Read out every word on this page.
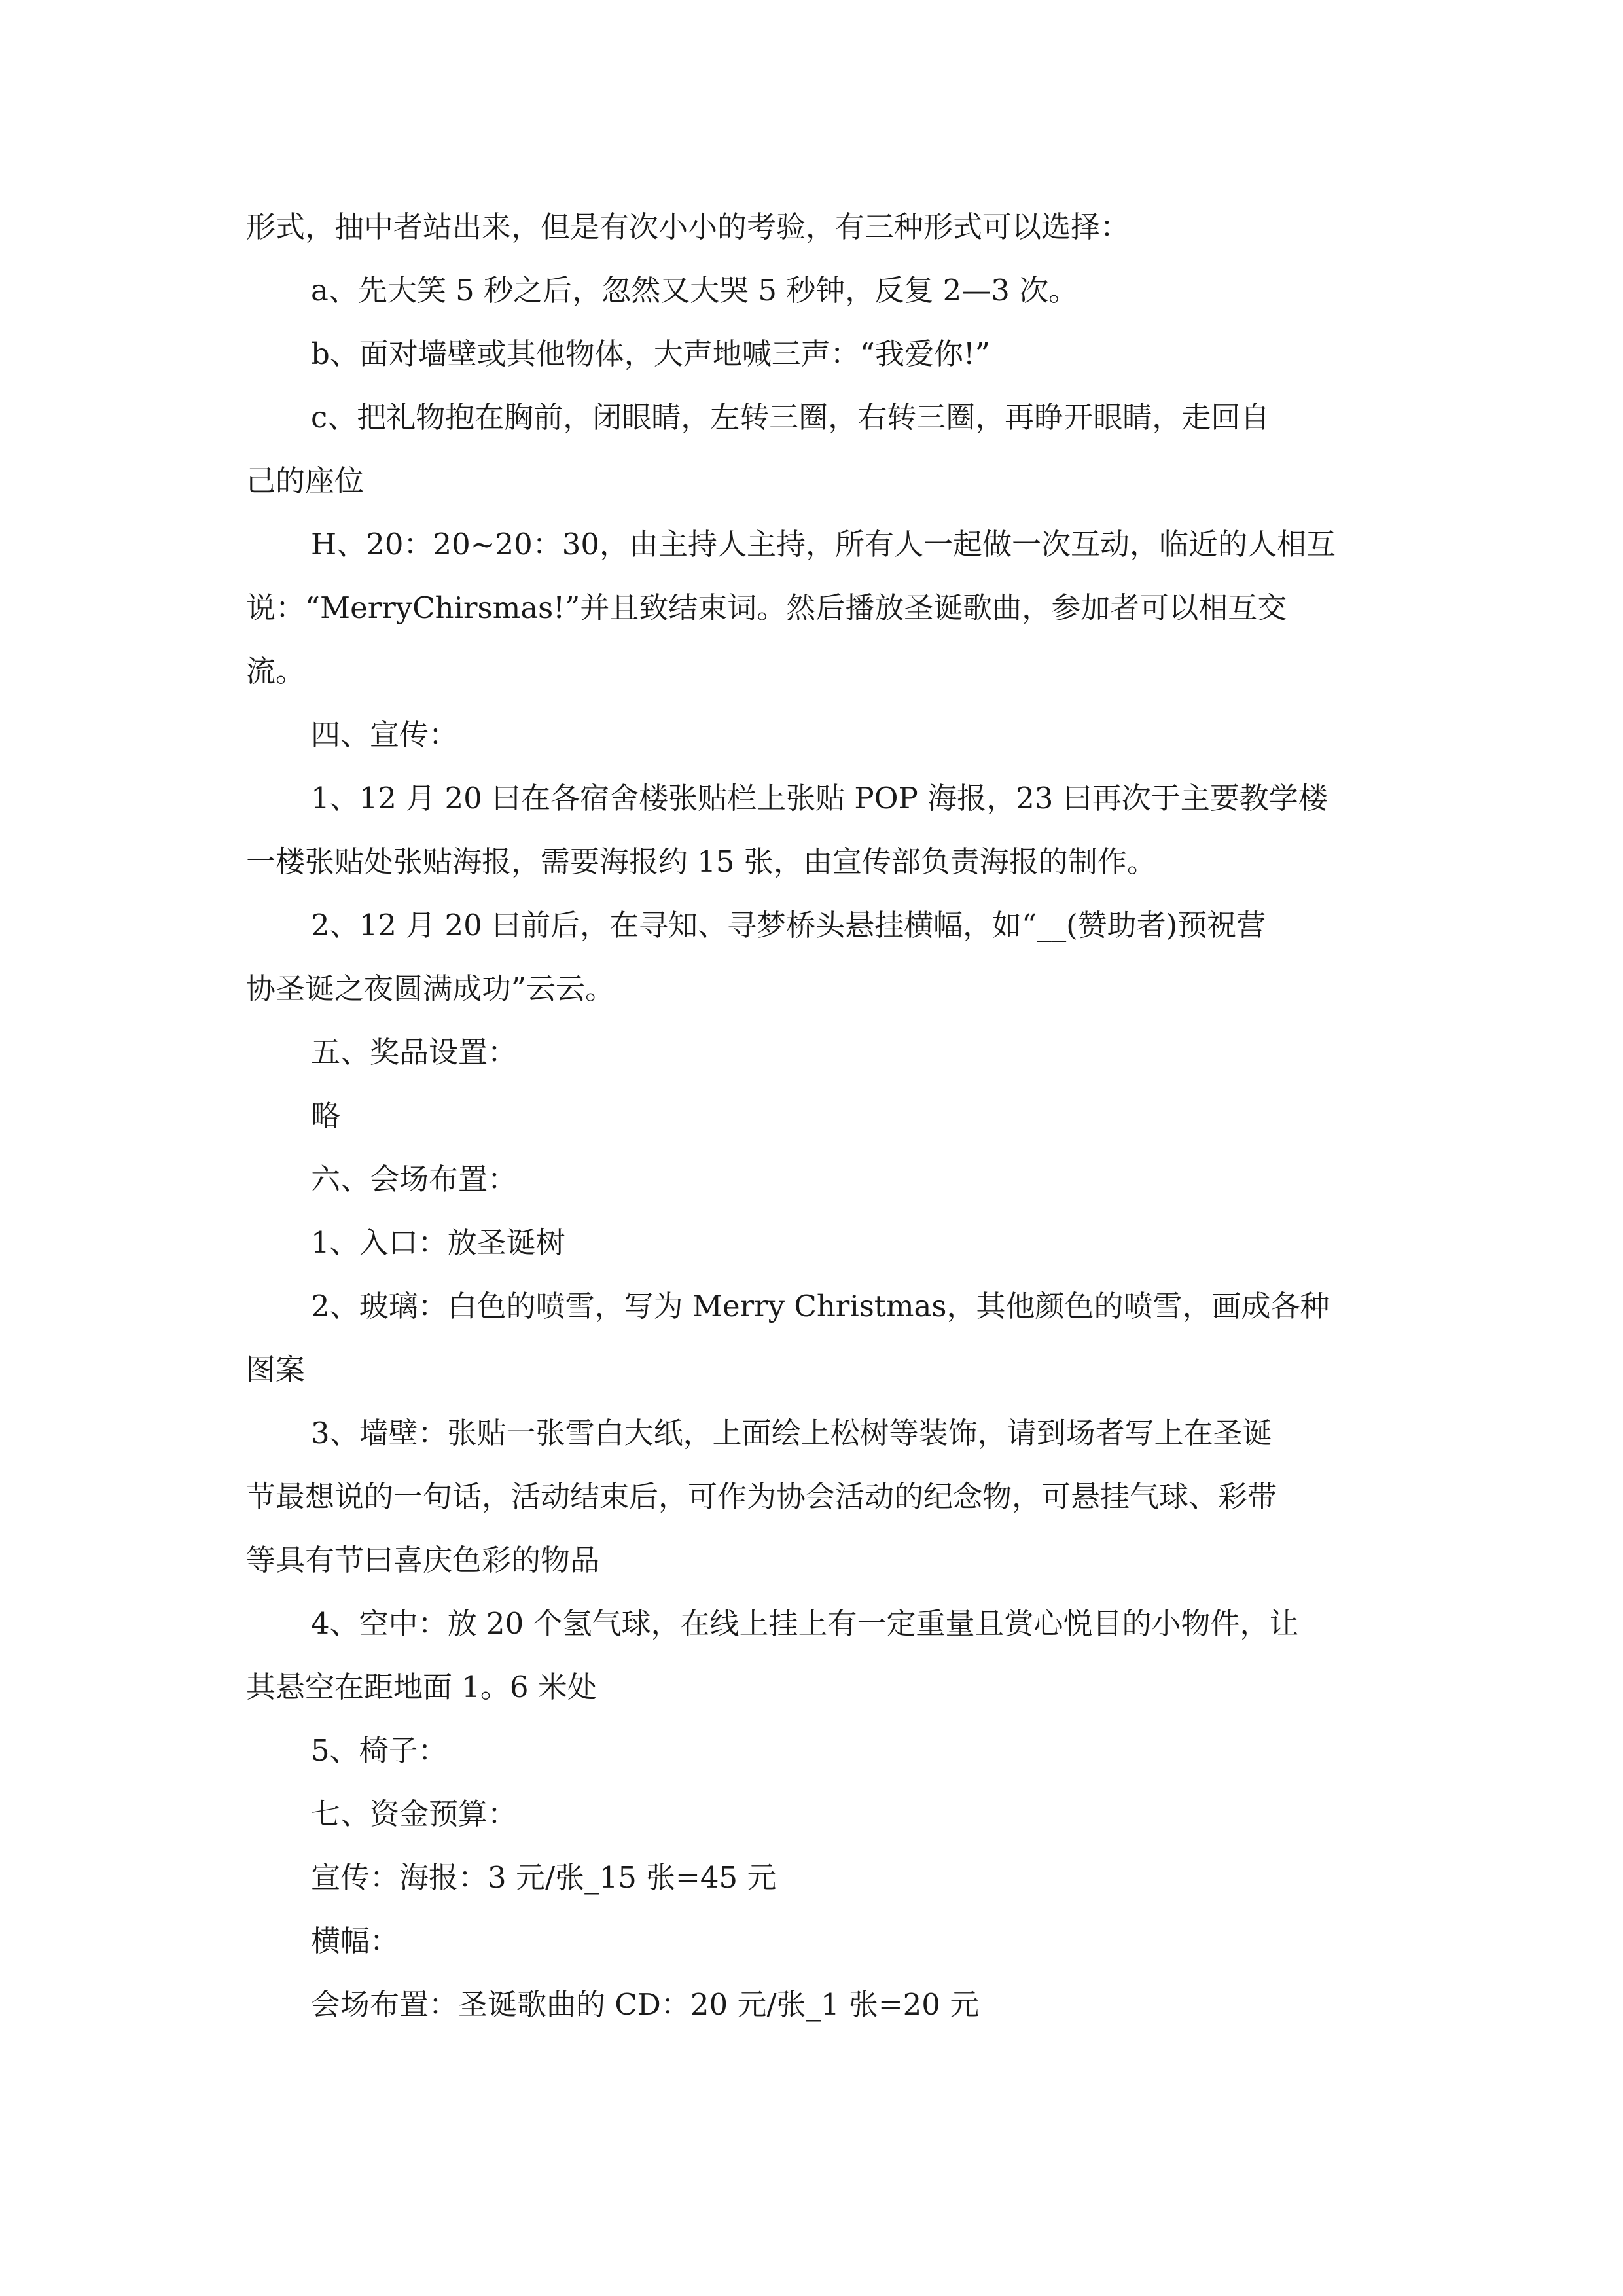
形式，抽中者站出来，但是有次小小的考验，有三种形式可以选择：
a、先大笑 5 秒之后，忽然又大哭 5 秒钟，反复 2—3 次。
b、面对墙壁或其他物体，大声地喊三声：“我爱你!”
c、把礼物抱在胸前，闭眼睛，左转三圈，右转三圈，再睁开眼睛，走回自
己的座位
H、20：20~20：30，由主持人主持，所有人一起做一次互动，临近的人相互
说：“MerryChirsmas!”并且致结束词。然后播放圣诞歌曲，参加者可以相互交
流。
四、宣传：
1、12 月 20 曰在各宿舍楼张贴栏上张贴 POP 海报，23 曰再次于主要教学楼
一楼张贴处张贴海报，需要海报约 15 张，由宣传部负责海报的制作。
2、12 月 20 曰前后，在寻知、寻梦桥头悬挂横幅，如“__(赞助者)预祝营
协圣诞之夜圆满成功”云云。
五、奖品设置：
略
六、会场布置：
1、入口：放圣诞树
2、玻璃：白色的喷雪，写为 Merry Christmas，其他颜色的喷雪，画成各种
图案
3、墙壁：张贴一张雪白大纸，上面绘上松树等装饰，请到场者写上在圣诞
节最想说的一句话，活动结束后，可作为协会活动的纪念物，可悬挂气球、彩带
等具有节曰喜庆色彩的物品
4、空中：放 20 个氢气球，在线上挂上有一定重量且赏心悦目的小物件，让
其悬空在距地面 1。6 米处
5、椅子：
七、资金预算：
宣传：海报：3 元/张_15 张=45 元
横幅：
会场布置：圣诞歌曲的 CD：20 元/张_1 张=20 元
